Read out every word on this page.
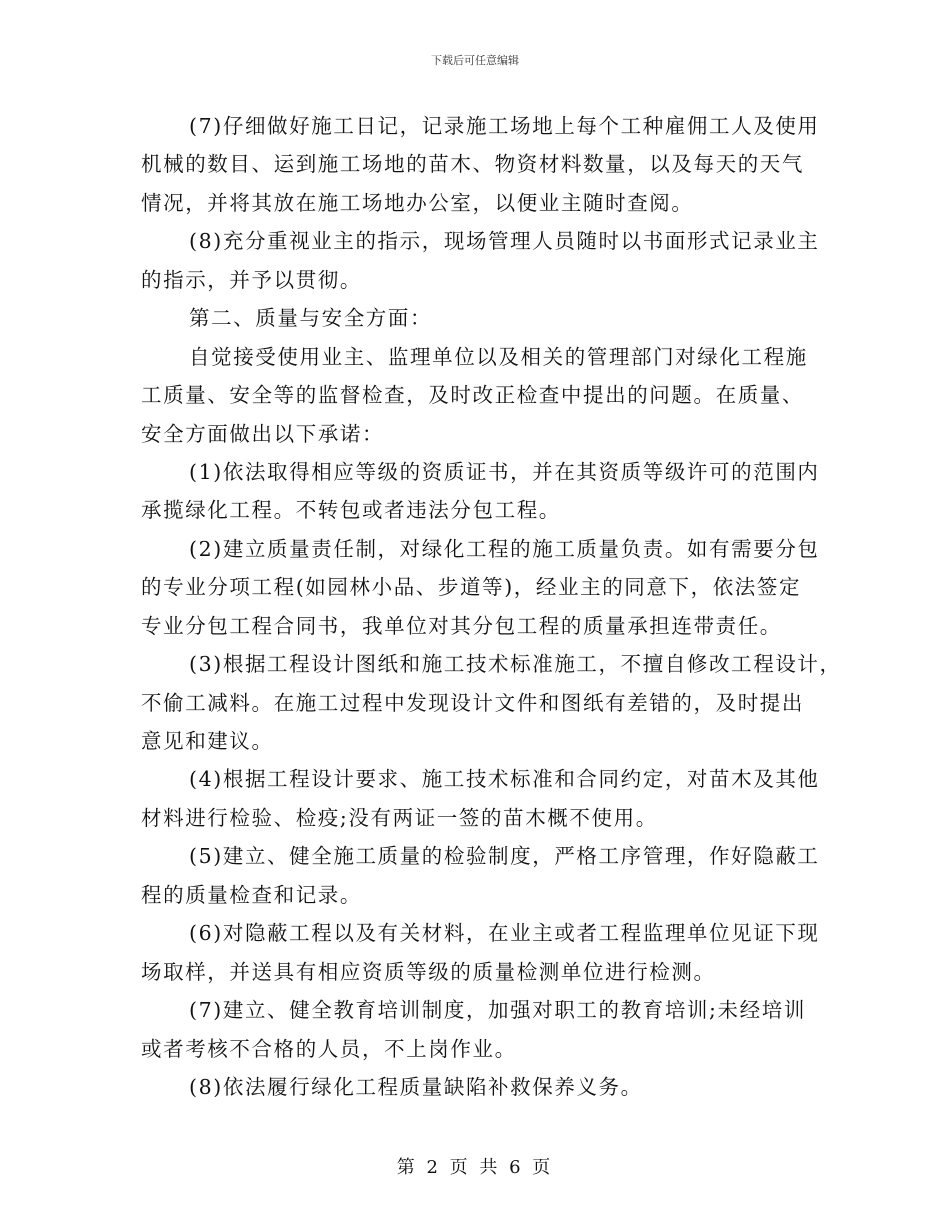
下载后可任意编辑
(7)仔细做好施工日记，记录施工场地上每个工种雇佣工人及使用
机械的数目、运到施工场地的苗木、物资材料数量，以及每天的天气
情况，并将其放在施工场地办公室，以便业主随时查阅。
(8)充分重视业主的指示，现场管理人员随时以书面形式记录业主
的指示，并予以贯彻。
第二、质量与安全方面：
自觉接受使用业主、监理单位以及相关的管理部门对绿化工程施
工质量、安全等的监督检查，及时改正检查中提出的问题。在质量、
安全方面做出以下承诺：
(1)依法取得相应等级的资质证书，并在其资质等级许可的范围内
承揽绿化工程。不转包或者违法分包工程。
(2)建立质量责任制，对绿化工程的施工质量负责。如有需要分包
的专业分项工程(如园林小品、步道等)，经业主的同意下，依法签定
专业分包工程合同书，我单位对其分包工程的质量承担连带责任。
(3)根据工程设计图纸和施工技术标准施工，不擅自修改工程设计，
不偷工减料。在施工过程中发现设计文件和图纸有差错的，及时提出
意见和建议。
(4)根据工程设计要求、施工技术标准和合同约定，对苗木及其他
材料进行检验、检疫;没有两证一签的苗木概不使用。
(5)建立、健全施工质量的检验制度，严格工序管理，作好隐蔽工
程的质量检查和记录。
(6)对隐蔽工程以及有关材料，在业主或者工程监理单位见证下现
场取样，并送具有相应资质等级的质量检测单位进行检测。
(7)建立、健全教育培训制度，加强对职工的教育培训;未经培训
或者考核不合格的人员，不上岗作业。
(8)依法履行绿化工程质量缺陷补救保养义务。
第 2 页 共 6 页
